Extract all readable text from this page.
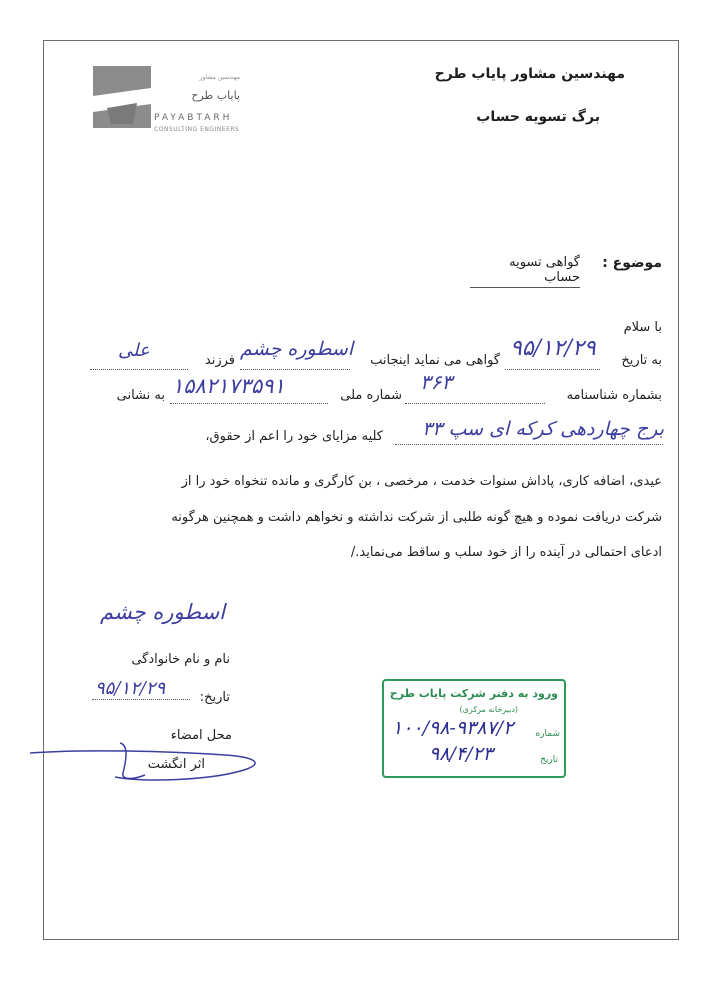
مهندسین مشاور
پایاب طرح
PAYABTARH
CONSULTING ENGINEERS
مهندسین مشاور پایاب طرح
برگ تسویه حساب
موضوع :
گواهی تسویه حساب
با سلام
به تاریخ
۹۵/۱۲/۲۹
گواهی می نماید اینجانب
اسطوره چشم
فرزند
علی
بشماره شناسنامه
۳۶۳
شماره ملی
۱۵۸۲۱۷۳۵۹۱
به نشانی
برج چهاردهی کرکه ای سپ ۳۳
کلیه مزایای خود را اعم از حقوق،
عیدی، اضافه کاری، پاداش سنوات خدمت ، مرخصی ، بن کارگری و مانده تنخواه خود را از
شرکت دریافت نموده و هیچ گونه طلبی از شرکت نداشته و نخواهم داشت و همچنین هرگونه
ادعای احتمالی در آینده را از خود سلب و ساقط می‌نماید./
اسطوره چشم
نام و نام خانوادگی
۹۵/۱۲/۲۹	تاریخ:
محل امضاء
اثر انگشت
ورود به دفتر شرکت پایاب طرح
(دبیرخانه مرکزی)
شماره
۱۰۰/۹۸-۹۳۸۷/۲
تاریخ
۹۸/۴/۲۳
